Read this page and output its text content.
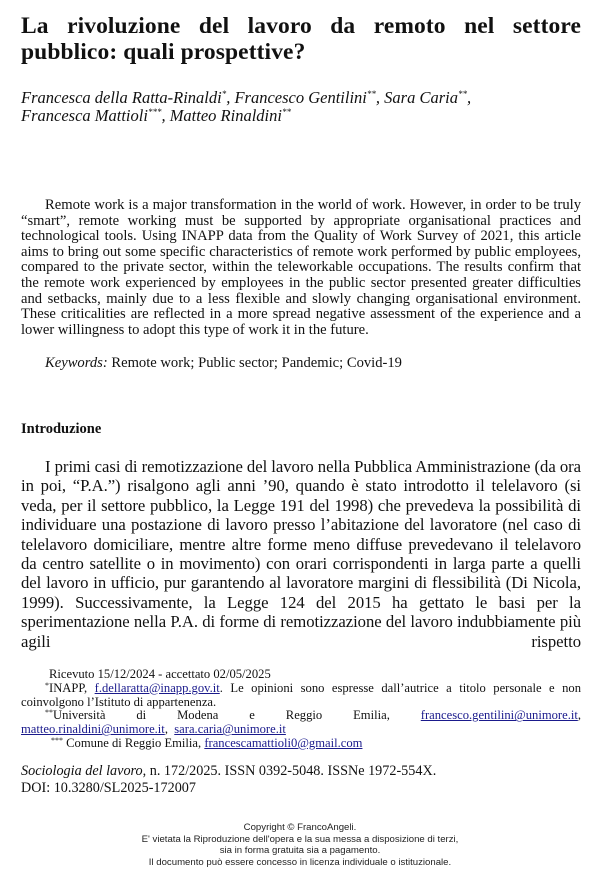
La rivoluzione del lavoro da remoto nel settore pubblico: quali prospettive?

Francesca della Ratta-Rinaldi*, Francesco Gentilini**, Sara Caria**,
Francesca Mattioli***, Matteo Rinaldini**

Remote work is a major transformation in the world of work. However, in order to be truly “smart”, remote working must be supported by appropriate organisational practices and technological tools. Using INAPP data from the Quality of Work Survey of 2021, this article aims to bring out some specific characteristics of remote work performed by public employees, compared to the private sector, within the teleworkable occupations. The results confirm that the remote work experienced by employees in the public sector presented greater difficulties and setbacks, mainly due to a less flexible and slowly changing organisational environment. These criticalities are reflected in a more spread negative assessment of the experience and a lower willingness to adopt this type of work it in the future.

Keywords: Remote work; Public sector; Pandemic; Covid-19

Introduzione

I primi casi di remotizzazione del lavoro nella Pubblica Amministrazione (da ora in poi, “P.A.”) risalgono agli anni ’90, quando è stato introdotto il telelavoro (si veda, per il settore pubblico, la Legge 191 del 1998) che prevedeva la possibilità di individuare una postazione di lavoro presso l’abitazione del lavoratore (nel caso di telelavoro domiciliare, mentre altre forme meno diffuse prevedevano il telelavoro da centro satellite o in movimento) con orari corrispondenti in larga parte a quelli del lavoro in ufficio, pur garantendo al lavoratore margini di flessibilità (Di Nicola, 1999). Successivamente, la Legge 124 del 2015 ha gettato le basi per la sperimentazione nella P.A. di forme di remotizzazione del lavoro indubbiamente più agili rispetto

Ricevuto 15/12/2024 - accettato 02/05/2025

*INAPP, f.dellaratta@inapp.gov.it. Le opinioni sono espresse dall’autrice a titolo personale e non coinvolgono l’Istituto di appartenenza.

**Università di Modena e Reggio Emilia, francesco.gentilini@unimore.it, matteo.rinaldini@unimore.it,  sara.caria@unimore.it

*** Comune di Reggio Emilia, francescamattioli0@gmail.com

Sociologia del lavoro, n. 172/2025. ISSN 0392-5048. ISSNe 1972-554X.

DOI: 10.3280/SL2025-172007

Copyright © FrancoAngeli.

E' vietata la Riproduzione dell'opera e la sua messa a disposizione di terzi,

sia in forma gratuita sia a pagamento.

Il documento può essere concesso in licenza individuale o istituzionale.
